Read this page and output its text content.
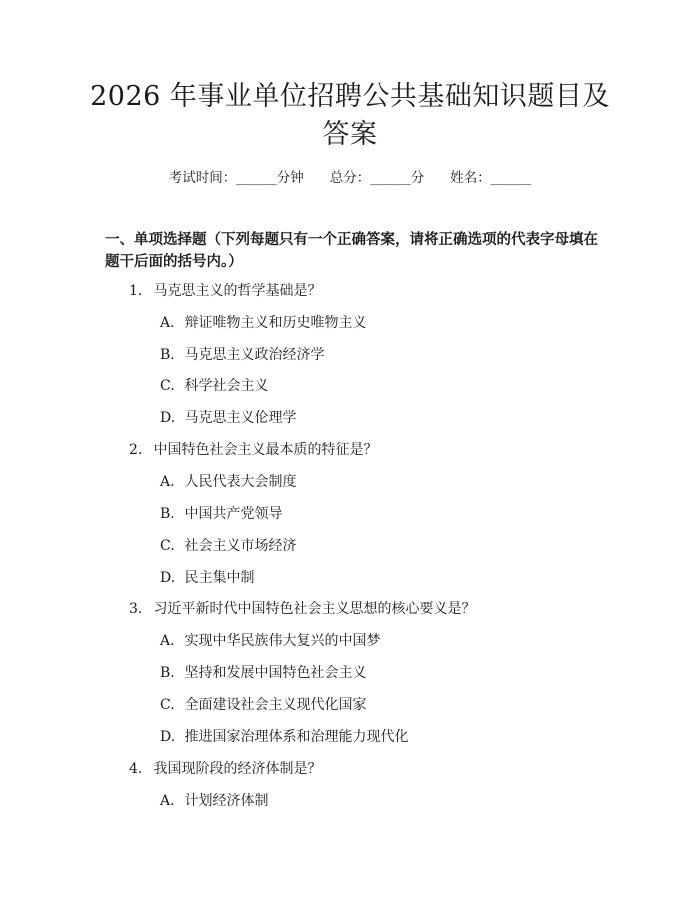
2026 年事业单位招聘公共基础知识题目及答案
考试时间：______分钟 总分：______分 姓名：______
一、单项选择题（下列每题只有一个正确答案，请将正确选项的代表字母填在题干后面的括号内。）
1. 马克思主义的哲学基础是？
A. 辩证唯物主义和历史唯物主义
B. 马克思主义政治经济学
C. 科学社会主义
D. 马克思主义伦理学
2. 中国特色社会主义最本质的特征是？
A. 人民代表大会制度
B. 中国共产党领导
C. 社会主义市场经济
D. 民主集中制
3. 习近平新时代中国特色社会主义思想的核心要义是？
A. 实现中华民族伟大复兴的中国梦
B. 坚持和发展中国特色社会主义
C. 全面建设社会主义现代化国家
D. 推进国家治理体系和治理能力现代化
4. 我国现阶段的经济体制是？
A. 计划经济体制
